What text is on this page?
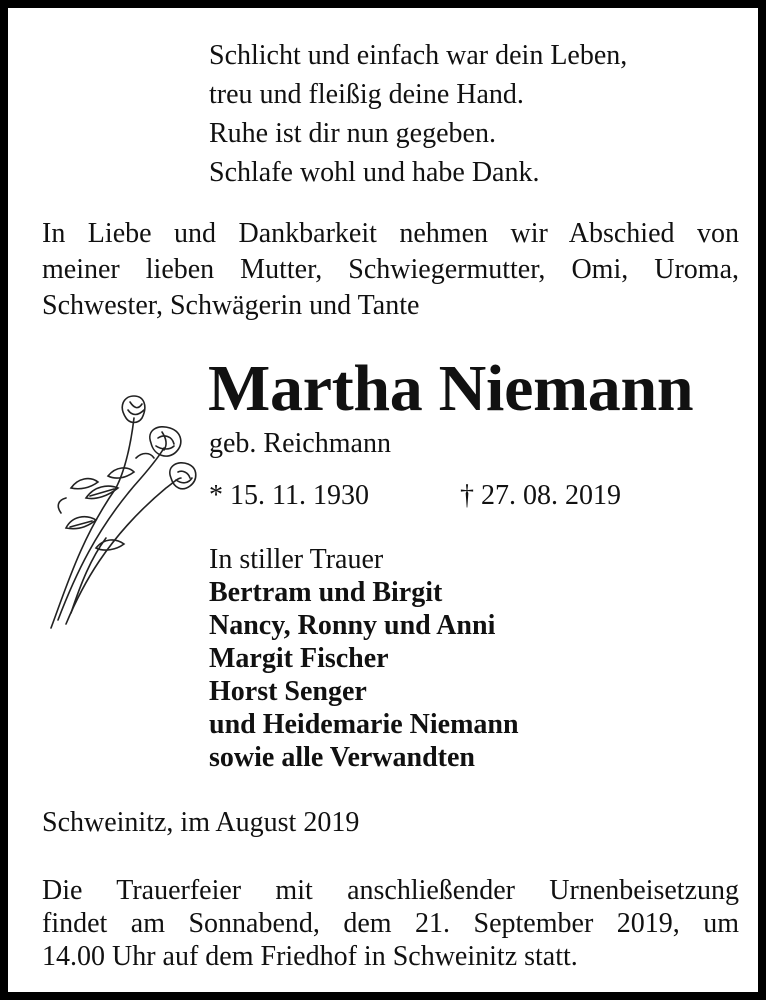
Schlicht und einfach war dein Leben,
treu und fleißig deine Hand.
Ruhe ist dir nun gegeben.
Schlafe wohl und habe Dank.
In Liebe und Dankbarkeit nehmen wir Abschied von
meiner lieben Mutter, Schwiegermutter, Omi, Uroma,
Schwester, Schwägerin und Tante
Martha Niemann
geb. Reichmann
* 15. 11. 1930	† 27. 08. 2019
In stiller Trauer
Bertram und Birgit
Nancy, Ronny und Anni
Margit Fischer
Horst Senger
und Heidemarie Niemann
sowie alle Verwandten
Schweinitz, im August 2019
Die Trauerfeier mit anschließender Urnenbeisetzung
findet am Sonnabend, dem 21. September 2019, um
14.00 Uhr auf dem Friedhof in Schweinitz statt.
